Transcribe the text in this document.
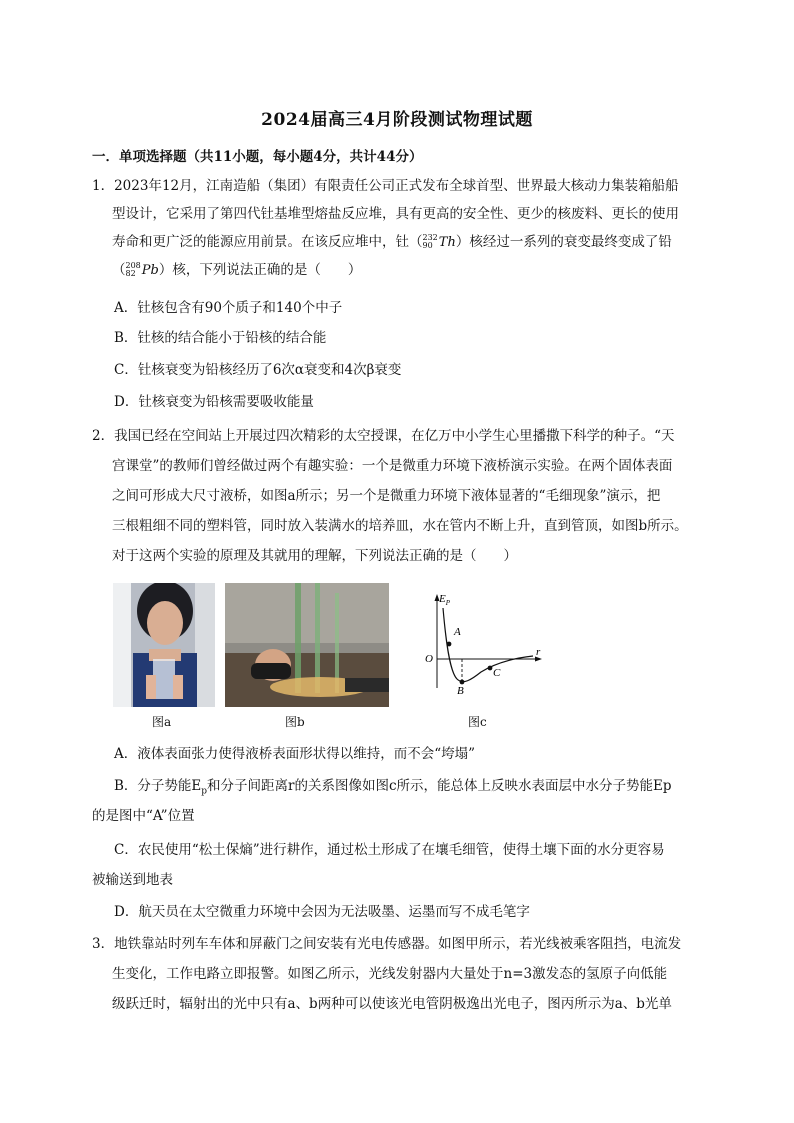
2024届高三4月阶段测试物理试题
一．单项选择题（共11小题，每小题4分，共计44分）
1．2023年12月，江南造船（集团）有限责任公司正式发布全球首型、世界最大核动力集装箱船船
型设计，它采用了第四代钍基堆型熔盐反应堆，具有更高的安全性、更少的核废料、更长的使用
寿命和更广泛的能源应用前景。在该反应堆中，钍（ 232
90 Th）核经过一系列的衰变最终变成了铅
（ 208
82 Pb）核，下列说法正确的是（　　）
A．钍核包含有90个质子和140个中子
B．钍核的结合能小于铅核的结合能
C．钍核衰变为铅核经历了6次α衰变和4次β衰变
D．钍核衰变为铅核需要吸收能量
2．我国已经在空间站上开展过四次精彩的太空授课，在亿万中小学生心里播撒下科学的种子。“天
宫课堂”的教师们曾经做过两个有趣实验：一个是微重力环境下液桥演示实验。在两个固体表面
之间可形成大尺寸液桥，如图a所示；另一个是微重力环境下液体显著的“毛细现象”演示，把
三根粗细不同的塑料管，同时放入装满水的培养皿，水在管内不断上升，直到管顶，如图b所示。
对于这两个实验的原理及其就用的理解，下列说法正确的是（　　）
$E_P$
O
r
A
B
C
图a	图b	图c
A．液体表面张力使得液桥表面形状得以维持，而不会“垮塌”
B．分子势能$E_p$和分子间距离r的关系图像如图c所示，能总体上反映水表面层中水分子势能Ep
的是图中“A”位置
C．农民使用“松土保熵”进行耕作，通过松土形成了在壤毛细管，使得土壤下面的水分更容易
被输送到地表
D．航天员在太空微重力环境中会因为无法吸墨、运墨而写不成毛笔字
3．地铁靠站时列车车体和屏蔽门之间安装有光电传感器。如图甲所示，若光线被乘客阻挡，电流发
生变化，工作电路立即报警。如图乙所示，光线发射器内大量处于n=3激发态的氢原子向低能
级跃迁时，辐射出的光中只有a、b两种可以使该光电管阴极逸出光电子，图丙所示为a、b光单
